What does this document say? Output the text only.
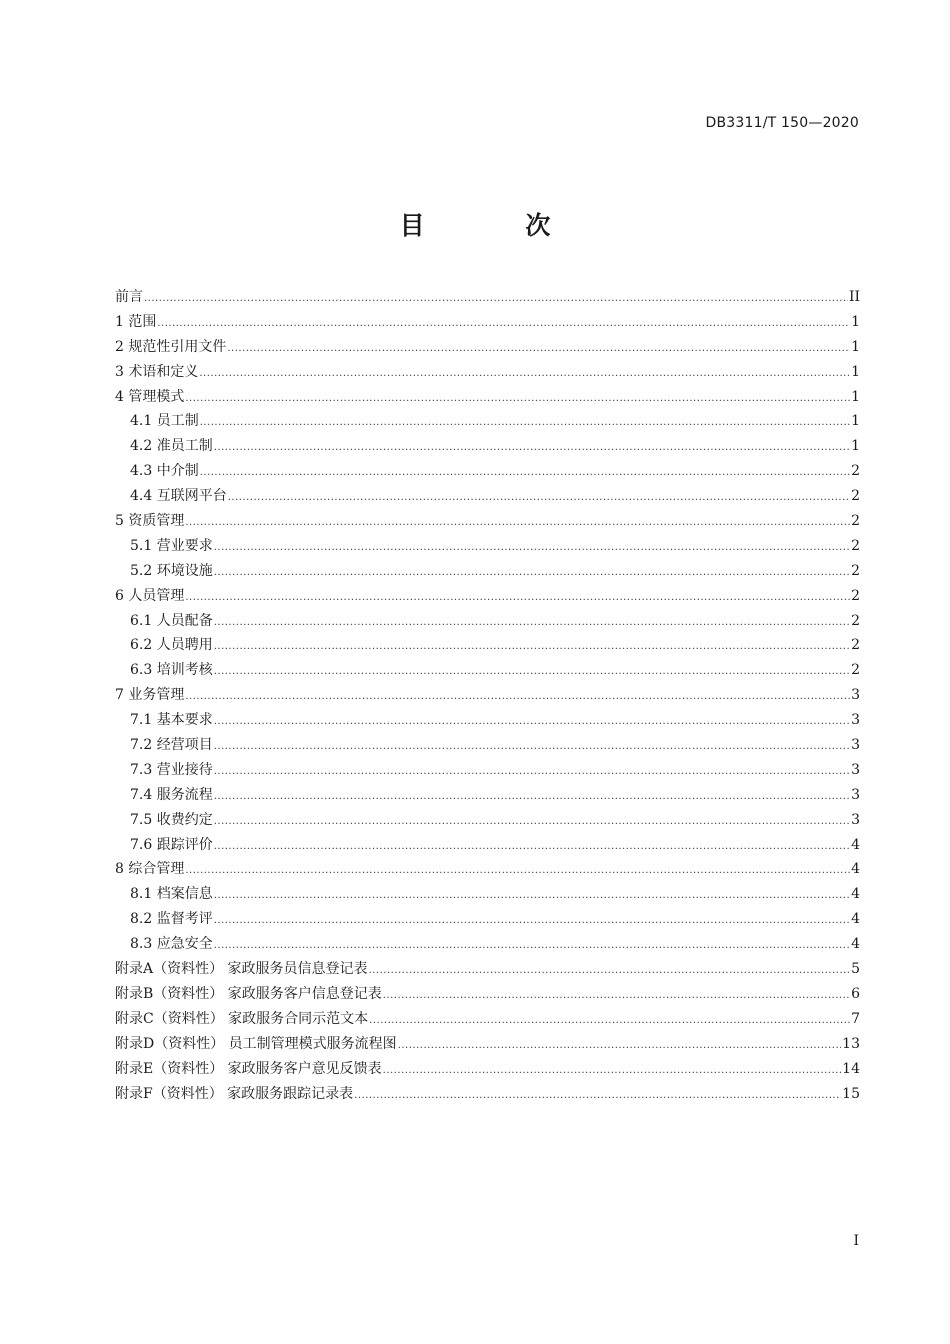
DB3311/T 150—2020
目 次
前言 .....	II
1 范围 .....	1
2 规范性引用文件 .....	1
3 术语和定义 .....	1
4 管理模式 .....	1
4.1 员工制 .....	1
4.2 准员工制 .....	1
4.3 中介制 .....	2
4.4 互联网平台 .....	2
5 资质管理 .....	2
5.1 营业要求 .....	2
5.2 环境设施 .....	2
6 人员管理 .....	2
6.1 人员配备 .....	2
6.2 人员聘用 .....	2
6.3 培训考核 .....	2
7 业务管理 .....	3
7.1 基本要求 .....	3
7.2 经营项目 .....	3
7.3 营业接待 .....	3
7.4 服务流程 .....	3
7.5 收费约定 .....	3
7.6 跟踪评价 .....	4
8 综合管理 .....	4
8.1 档案信息 .....	4
8.2 监督考评 .....	4
8.3 应急安全 .....	4
附录A（资料性） 家政服务员信息登记表 .....	5
附录B（资料性） 家政服务客户信息登记表 .....	6
附录C（资料性） 家政服务合同示范文本 .....	7
附录D（资料性） 员工制管理模式服务流程图 .....	13
附录E（资料性） 家政服务客户意见反馈表 .....	14
附录F（资料性） 家政服务跟踪记录表 .....	15
I
